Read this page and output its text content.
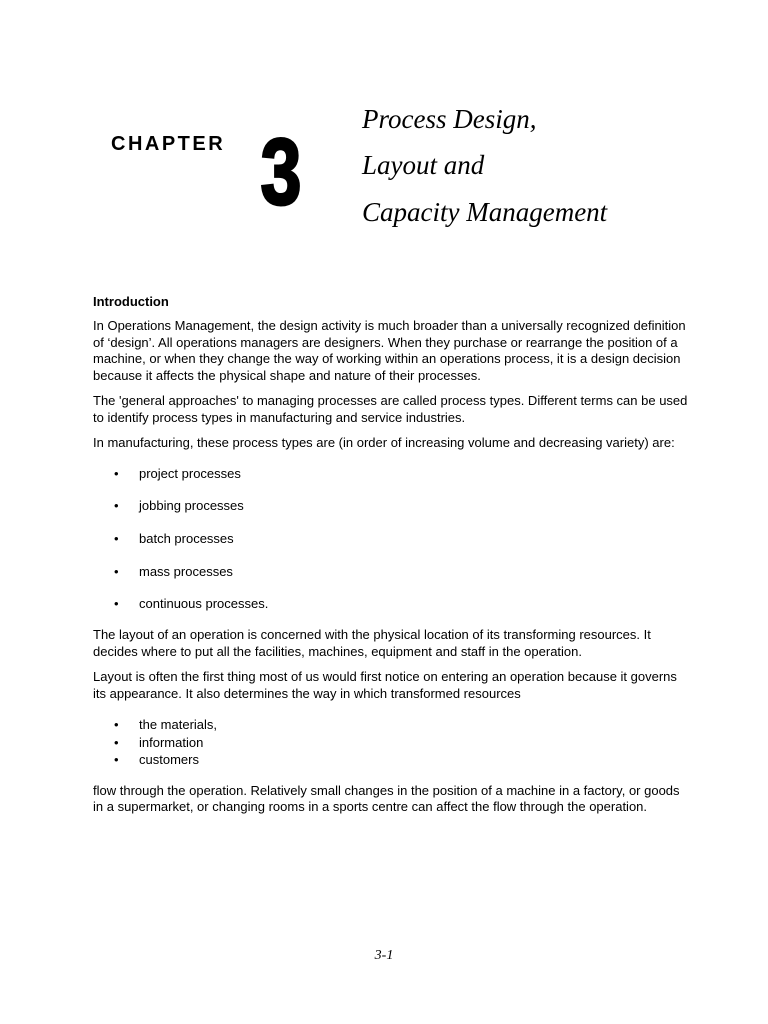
CHAPTER 3 Process Design,
Layout and
Capacity Management
Introduction

In Operations Management, the design activity is much broader than a universally recognized definition of ‘design’. All operations managers are designers. When they purchase or rearrange the position of a machine, or when they change the way of working within an operations process, it is a design decision because it affects the physical shape and nature of their processes.

The 'general approaches' to managing processes are called process types. Different terms can be used to identify process types in manufacturing and service industries.

In manufacturing, these process types are (in order of increasing volume and decreasing variety) are:

• project processes
• jobbing processes
• batch processes
• mass processes
• continuous processes.

The layout of an operation is concerned with the physical location of its transforming resources. It decides where to put all the facilities, machines, equipment and staff in the operation.

Layout is often the first thing most of us would first notice on entering an operation because it governs its appearance. It also determines the way in which transformed resources

• the materials,
• information
• customers

flow through the operation. Relatively small changes in the position of a machine in a factory, or goods in a supermarket, or changing rooms in a sports centre can affect the flow through the operation.

3-1
